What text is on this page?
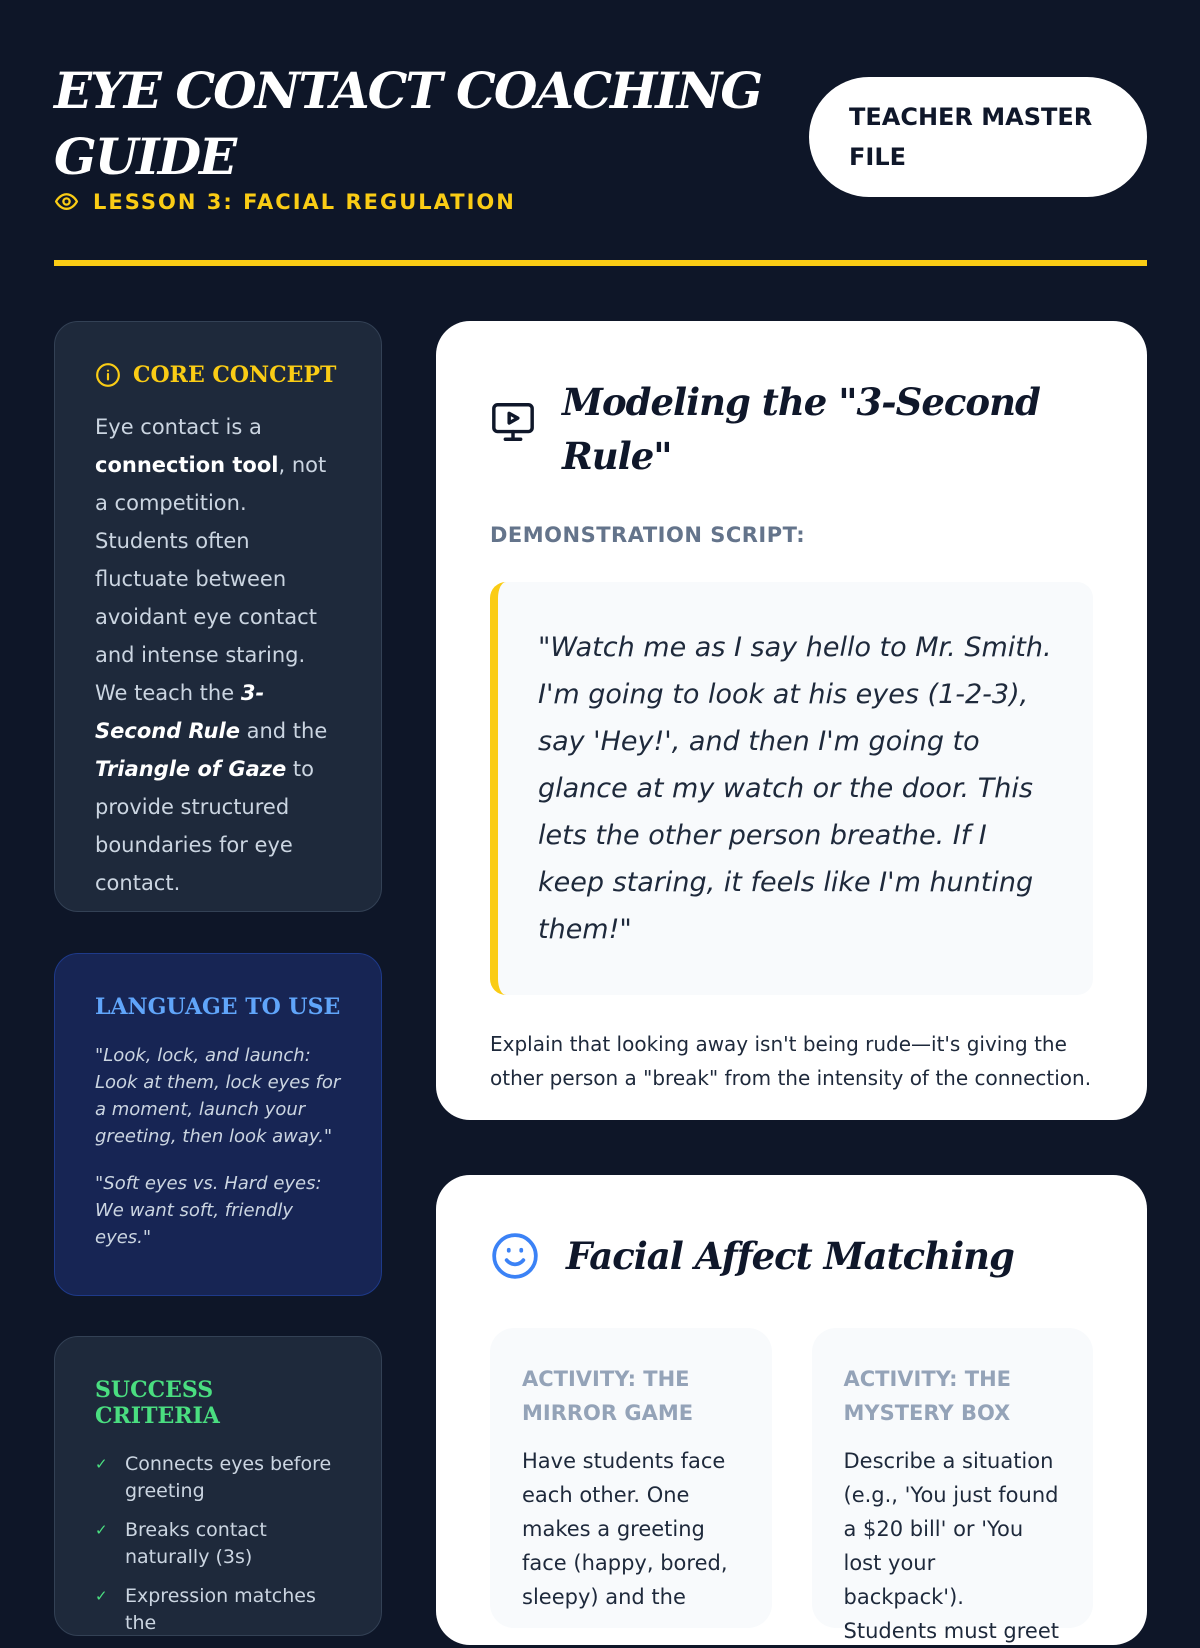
EYE CONTACT COACHING
GUIDE
LESSON 3: FACIAL REGULATION
TEACHER MASTER FILE
CORE CONCEPT

Eye contact is a connection tool, not a competition. Students often fluctuate between avoidant eye contact and intense staring. We teach the 3-Second Rule and the Triangle of Gaze to provide structured boundaries for eye contact.

LANGUAGE TO USE

"Look, lock, and launch: Look at them, lock eyes for a moment, launch your greeting, then look away."

"Soft eyes vs. Hard eyes: We want soft, friendly eyes."

SUCCESS CRITERIA
✓ Connects eyes before greeting
✓ Breaks contact naturally (3s)
✓ Expression matches the
Modeling the "3-Second Rule"
DEMONSTRATION SCRIPT:
"Watch me as I say hello to Mr. Smith. I'm going to look at his eyes (1-2-3), say 'Hey!', and then I'm going to glance at my watch or the door. This lets the other person breathe. If I keep staring, it feels like I'm hunting them!"

Explain that looking away isn't being rude—it's giving the other person a "break" from the intensity of the connection.

Facial Affect Matching
ACTIVITY: THE MIRROR GAME

Have students face each other. One makes a greeting face (happy, bored, sleepy) and the

ACTIVITY: THE MYSTERY BOX

Describe a situation (e.g., 'You just found a $20 bill' or 'You lost your backpack'). Students must greet
